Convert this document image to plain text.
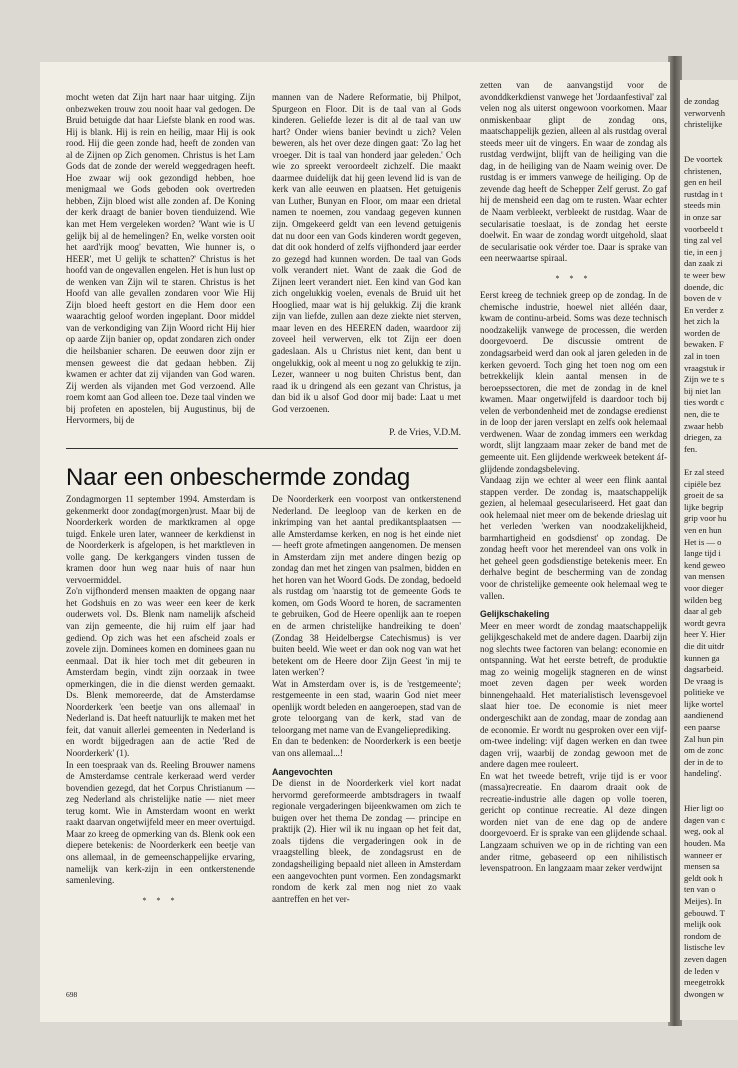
mocht weten dat Zijn hart naar haar uitging. Zijn onbezweken trouw zou nooit haar val gedogen. De Bruid betuigde dat haar Liefste blank en rood was. Hij is blank. Hij is rein en heilig, maar Hij is ook rood. Hij die geen zonde had, heeft de zonden van al de Zijnen op Zich genomen. Christus is het Lam Gods dat de zonde der wereld weggedragen heeft. Hoe zwaar wij ook gezondigd hebben, hoe menigmaal we Gods geboden ook overtreden hebben, Zijn bloed wist alle zonden af. De Koning der kerk draagt de banier boven tienduizend. Wie kan met Hem vergeleken worden? 'Want wie is U gelijk bij al de hemelingen? En, welke vorsten ooit het aard'rijk moog' bevatten, Wie hunner is, o HEER', met U gelijk te schatten?' Christus is het hoofd van de ongevallen engelen. Het is hun lust op de wenken van Zijn wil te staren. Christus is het Hoofd van alle gevallen zondaren voor Wie Hij Zijn bloed heeft gestort en die Hem door een waarachtig geloof worden ingeplant. Door middel van de verkondiging van Zijn Woord richt Hij hier op aarde Zijn banier op, opdat zondaren zich onder die heilsbanier scharen. De eeuwen door zijn er mensen geweest die dat gedaan hebben. Zij kwamen er achter dat zij vijanden van God waren. Zij werden als vijanden met God verzoend. Alle roem komt aan God alleen toe. Deze taal vinden we bij profeten en apostelen, bij Augustinus, bij de Hervormers, bij de

mannen van de Nadere Reformatie, bij Philpot, Spurgeon en Floor. Dit is de taal van al Gods kinderen. Geliefde lezer is dit al de taal van uw hart? Onder wiens banier bevindt u zich? Velen beweren, als het over deze dingen gaat: 'Zo lag het vroeger. Dit is taal van honderd jaar geleden.' Och wie zo spreekt veroordeelt zichzelf. Die maakt daarmee duidelijk dat hij geen levend lid is van de kerk van alle eeuwen en plaatsen. Het getuigenis van Luther, Bunyan en Floor, om maar een drietal namen te noemen, zou vandaag gegeven kunnen zijn. Omgekeerd geldt van een levend getuigenis dat nu door een van Gods kinderen wordt gegeven, dat dit ook honderd of zelfs vijfhonderd jaar eerder zo gezegd had kunnen worden. De taal van Gods volk verandert niet. Want de zaak die God de Zijnen leert verandert niet. Een kind van God kan zich ongelukkig voelen, evenals de Bruid uit het Hooglied, maar wat is hij gelukkig. Zij die krank zijn van liefde, zullen aan deze ziekte niet sterven, maar leven en des HEEREN daden, waardoor zij zoveel heil verwerven, elk tot Zijn eer doen gadeslaan. Als u Christus niet kent, dan bent u ongelukkig, ook al meent u nog zo gelukkig te zijn. Lezer, wanneer u nog buiten Christus bent, dan raad ik u dringend als een gezant van Christus, ja dan bid ik u alsof God door mij bade: Laat u met God verzoenen.

P. de Vries, V.D.M.
Naar een onbeschermde zondag

zetten van de aanvangstijd voor de avonddkerkdienst vanwege het 'Jordaanfestival' zal velen nog als uiterst ongewoon voorkomen. Maar onmiskenbaar glipt de zondag ons, maatschappelijk gezien, alleen al als rustdag overal steeds meer uit de vingers. En waar de zondag als rustdag verdwijnt, blijft van de heiliging van die dag, in de heiliging van de Naam weinig over. De rustdag is er immers vanwege de heiliging. Op de zevende dag heeft de Schepper Zelf gerust. Zo gaf hij de mensheid een dag om te rusten. Waar echter de Naam verbleekt, verbleekt de rustdag. Waar de secularisatie toeslaat, is de zondag het eerste doelwit. En waar de zondag wordt uitgehold, slaat de secularisatie ook vérder toe. Daar is sprake van een neerwaartse spiraal.

* * *

Eerst kreeg de techniek greep op de zondag. In de chemische industrie, hoewel niet alléén daar, kwam de continu-arbeid. Soms was deze technisch noodzakelijk vanwege de processen, die werden doorgevoerd. De discussie omtrent de zondagsarbeid werd dan ook al jaren geleden in de kerken gevoerd. Toch ging het toen nog om een betrekkelijk klein aantal mensen in de beroepssectoren, die met de zondag in de knel kwamen. Maar ongetwijfeld is daardoor toch bij velen de verbondenheid met de zondagse eredienst in de loop der jaren verslapt en zelfs ook helemaal verdwenen. Waar de zondag immers een werkdag wordt, slijt langzaam maar zeker de band met de gemeente uit. Een glijdende werkweek betekent áf-glijdende zondagsbeleving.

Vandaag zijn we echter al weer een flink aantal stappen verder. De zondag is, maatschappelijk gezien, al helemaal geseculariseerd. Het gaat dan ook helemaal niet meer om de bekende drieslag uit het verleden 'werken van noodzakelijkheid, barmhartigheid en godsdienst' op zondag. De zondag heeft voor het merendeel van ons volk in het geheel geen godsdienstige betekenis meer. En derhalve begint de bescherming van de zondag voor de christelijke gemeente ook helemaal weg te vallen.

Gelijkschakeling

Meer en meer wordt de zondag maatschappelijk gelijkgeschakeld met de andere dagen. Daarbij zijn nog slechts twee factoren van belang: economie en ontspanning. Wat het eerste betreft, de produktie mag zo weinig mogelijk stagneren en de winst moet zeven dagen per week worden binnengehaald. Het materialistisch levensgevoel slaat hier toe. De economie is niet meer ondergeschikt aan de zondag, maar de zondag aan de economie. Er wordt nu gesproken over een vijf-om-twee indeling: vijf dagen werken en dan twee dagen vrij, waarbij de zondag gewoon met de andere dagen mee rouleert.

En wat het tweede betreft, vrije tijd is er voor (massa)recreatie. En daarom draait ook de recreatie-industrie alle dagen op volle toeren, gericht op continue recreatie. Al deze dingen worden niet van de ene dag op de andere doorgevoerd. Er is sprake van een glijdende schaal. Langzaam schuiven we op in de richting van een ander ritme, gebaseerd op een nihilistisch levenspatroon. En langzaam maar zeker verdwijnt

Zondagmorgen 11 september 1994. Amsterdam is gekenmerkt door zondag(morgen)rust. Maar bij de Noorderkerk worden de marktkramen al opge tuigd. Enkele uren later, wanneer de kerkdienst in de Noorderkerk is afgelopen, is het marktleven in volle gang. De kerkgangers vinden tussen de kramen door hun weg naar huis of naar hun vervoermiddel.

Zo'n vijfhonderd mensen maakten de opgang naar het Godshuis en zo was weer een keer de kerk ouderwets vol. Ds. Blenk nam namelijk afscheid van zijn gemeente, die hij ruim elf jaar had gediend. Op zich was het een afscheid zoals er zovele zijn. Dominees komen en dominees gaan nu eenmaal. Dat ik hier toch met dit gebeuren in Amsterdam begin, vindt zijn oorzaak in twee opmerkingen, die in die dienst werden gemaakt. Ds. Blenk memoreerde, dat de Amsterdamse Noorderkerk 'een beetje van ons allemaal' in Nederland is. Dat heeft natuurlijk te maken met het feit, dat vanuit allerlei gemeenten in Nederland is en wordt bijgedragen aan de actie 'Red de Noorderkerk' (1).

In een toespraak van ds. Reeling Brouwer namens de Amsterdamse centrale kerkeraad werd verder bovendien gezegd, dat het Corpus Christianum — zeg Nederland als christelijke natie — niet meer terug komt. Wie in Amsterdam woont en werkt raakt daarvan ongetwijfeld meer en meer overtuigd. Maar zo kreeg de opmerking van ds. Blenk ook een diepere betekenis: de Noorderkerk een beetje van ons allemaal, in de gemeenschappelijke ervaring, namelijk van kerk-zijn in een ontkerstenende samenleving.

* * *

De Noorderkerk een voorpost van ontkerstenend Nederland. De leegloop van de kerken en de inkrimping van het aantal predikantsplaatsen — alle Amsterdamse kerken, en nog is het einde niet — heeft grote afmetingen aangenomen. De mensen in Amsterdam zijn met andere dingen bezig op zondag dan met het zingen van psalmen, bidden en het horen van het Woord Gods. De zondag, bedoeld als rustdag om 'naarstig tot de gemeente Gods te komen, om Gods Woord te horen, de sacramenten te gebruiken, God de Heere openlijk aan te roepen en de armen christelijke handreiking te doen' (Zondag 38 Heidelbergse Catechismus) is ver buiten beeld. Wie weet er dan ook nog van wat het betekent om de Heere door Zijn Geest 'in mij te laten werken'?

Wat in Amsterdam over is, is de 'restgemeente'; restgemeente in een stad, waarin God niet meer openlijk wordt beleden en aangeroepen, stad van de grote teloorgang van de kerk, stad van de teloorgang met name van de Evangelieprediking.

En dan te bedenken: de Noorderkerk is een beetje van ons allemaal...!

Aangevochten

De dienst in de Noorderkerk viel kort nadat hervormd gereformeerde ambtsdragers in twaalf regionale vergaderingen bijeenkwamen om zich te buigen over het thema De zondag — principe en praktijk (2). Hier wil ik nu ingaan op het feit dat, zoals tijdens die vergaderingen ook in de vraagstelling bleek, de zondagsrust en de zondagsheiliging bepaald niet alleen in Amsterdam een aangevochten punt vormen. Een zondagsmarkt rondom de kerk zal men nog niet zo vaak aantreffen en het ver-

698
de zondag
verworvenh
christelijke

De voortek
christenen,
gen en heil
rustdag in t
steeds min
in onze sar
voorbeeld t
ting zal vel
tie, in een j
dan zaak zi
te weer bew
doende, dic
boven de v
En verder z
het zich la
worden de
bewaken. F
zal in toen
vraagstuk ir
Zijn we te s
bij niet lan
ties wordt c
nen, die te
zwaar hebb
driegen, za
fen.

Er zal steed
cipiële bez
groeit de sa
lijke begrip
grip voor hu
ven en hun
Het is — o
lange tijd i
kend geweo
van mensen
voor dieger
wilden beg
daar al geb
wordt gevra
heer Y. Hier
die dit uitdr
kunnen ga
dagsarbeid.
De vraag is
politieke ve
lijke wortel
aandienend
een paarse
Zal hun pin
om de zonc
der in de to
handeling'.

Hier ligt oo
dagen van c
weg, ook al
houden. Ma
wanneer er
mensen sa
geldt ook h
ten van o
Meijes). In
gebouwd. T
melijk ook
rondom de
listische lev
zeven dagen
de leden v
meegetrokk
dwongen w
